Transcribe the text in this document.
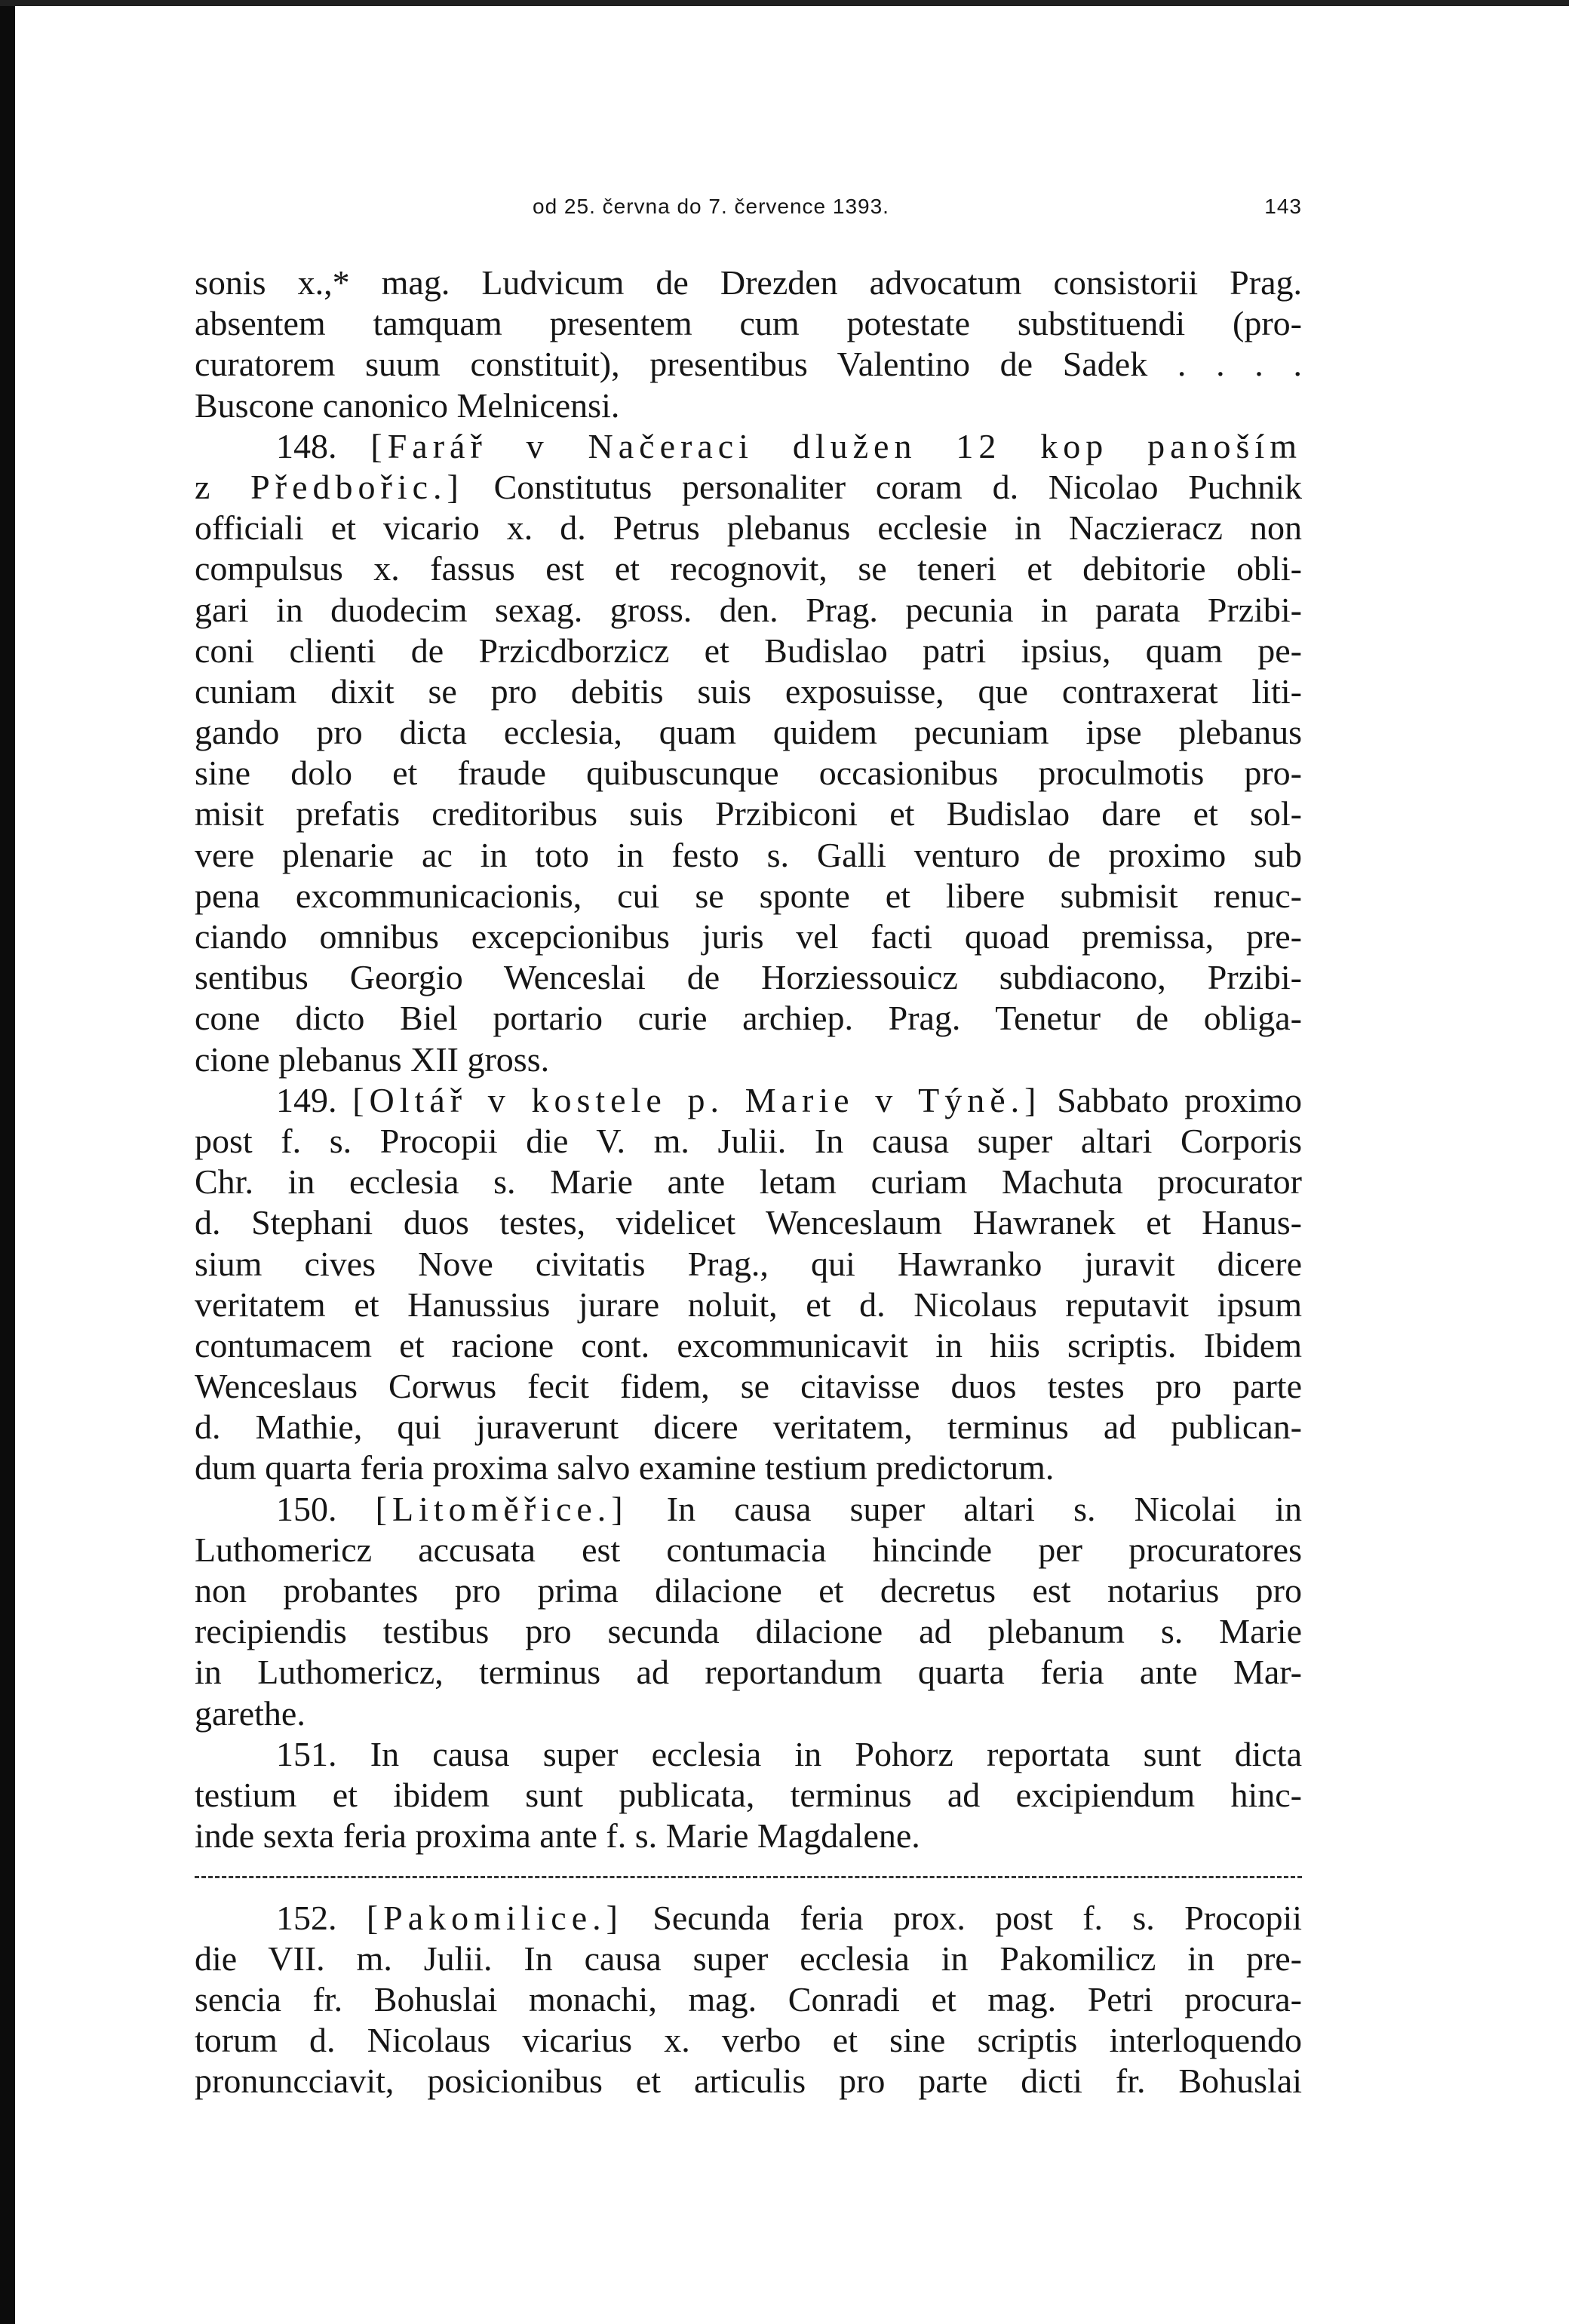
od 25. června do 7. července 1393.	143
sonis x.,* mag. Ludvicum de Drezden advocatum consistorii Prag.
absentem tamquam presentem cum potestate substituendi (pro-
curatorem suum constituit), presentibus Valentino de Sadek . . . .
Buscone canonico Melnicensi.
148. [Farář v Načeraci dlužen 12 kop panoším
z Předbořic.] Constitutus personaliter coram d. Nicolao Puchnik
officiali et vicario x. d. Petrus plebanus ecclesie in Naczieracz non
compulsus x. fassus est et recognovit, se teneri et debitorie obli-
gari in duodecim sexag. gross. den. Prag. pecunia in parata Przibi-
coni clienti de Przicdborzicz et Budislao patri ipsius, quam pe-
cuniam dixit se pro debitis suis exposuisse, que contraxerat liti-
gando pro dicta ecclesia, quam quidem pecuniam ipse plebanus
sine dolo et fraude quibuscunque occasionibus proculmotis pro-
misit prefatis creditoribus suis Przibiconi et Budislao dare et sol-
vere plenarie ac in toto in festo s. Galli venturo de proximo sub
pena excommunicacionis, cui se sponte et libere submisit renuc-
ciando omnibus excepcionibus juris vel facti quoad premissa, pre-
sentibus Georgio Wenceslai de Horziessouicz subdiacono, Przibi-
cone dicto Biel portario curie archiep. Prag. Tenetur de obliga-
cione plebanus XII gross.
149. [Oltář v kostele p. Marie v Týně.] Sabbato proximo
post f. s. Procopii die V. m. Julii. In causa super altari Corporis
Chr. in ecclesia s. Marie ante letam curiam Machuta procurator
d. Stephani duos testes, videlicet Wenceslaum Hawranek et Hanus-
sium cives Nove civitatis Prag., qui Hawranko juravit dicere
veritatem et Hanussius jurare noluit, et d. Nicolaus reputavit ipsum
contumacem et racione cont. excommunicavit in hiis scriptis. Ibidem
Wenceslaus Corwus fecit fidem, se citavisse duos testes pro parte
d. Mathie, qui juraverunt dicere veritatem, terminus ad publican-
dum quarta feria proxima salvo examine testium predictorum.
150. [Litoměřice.] In causa super altari s. Nicolai in
Luthomericz accusata est contumacia hincinde per procuratores
non probantes pro prima dilacione et decretus est notarius pro
recipiendis testibus pro secunda dilacione ad plebanum s. Marie
in Luthomericz, terminus ad reportandum quarta feria ante Mar-
garethe.
151. In causa super ecclesia in Pohorz reportata sunt dicta
testium et ibidem sunt publicata, terminus ad excipiendum hinc-
inde sexta feria proxima ante f. s. Marie Magdalene.
152. [Pakomilice.] Secunda feria prox. post f. s. Procopii
die VII. m. Julii. In causa super ecclesia in Pakomilicz in pre-
sencia fr. Bohuslai monachi, mag. Conradi et mag. Petri procura-
torum d. Nicolaus vicarius x. verbo et sine scriptis interloquendo
pronuncciavit, posicionibus et articulis pro parte dicti fr. Bohuslai
